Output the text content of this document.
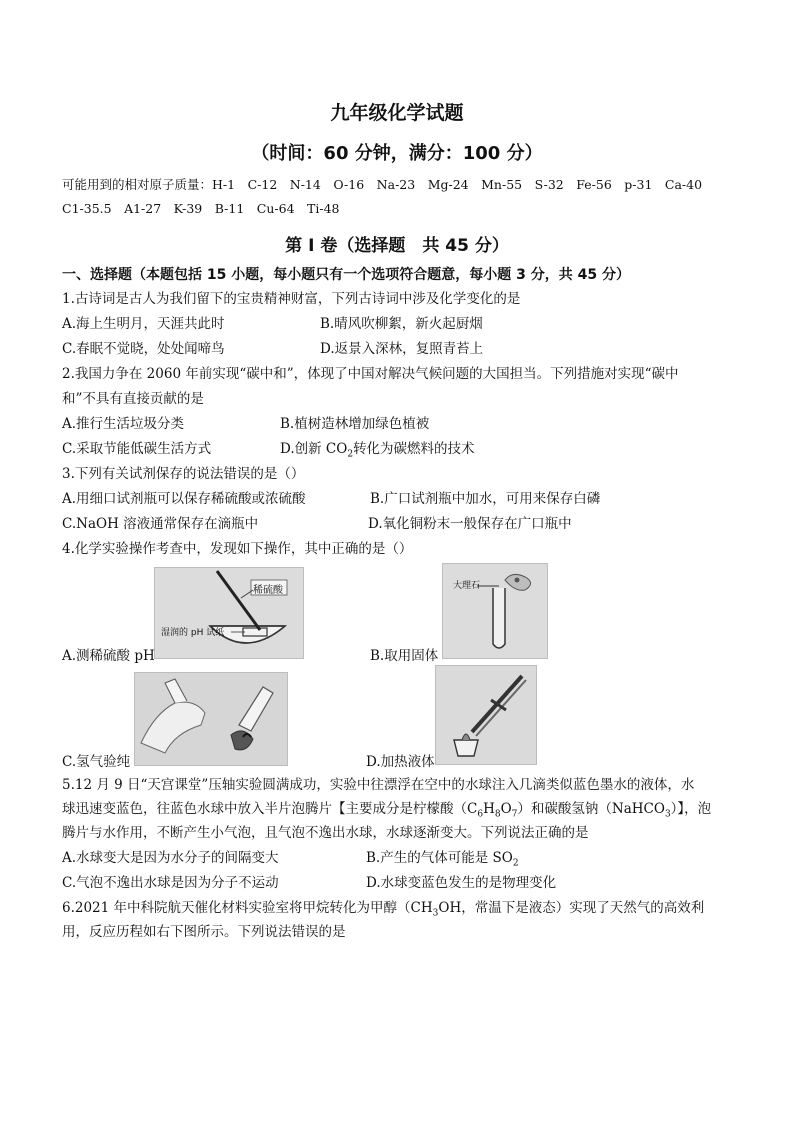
九年级化学试题
（时间：60 分钟，满分：100 分）
可能用到的相对原子质量：H-1　C-12　N-14　O-16　Na-23　Mg-24　Mn-55　S-32　Fe-56　p-31　Ca-40
C1-35.5　A1-27　K-39　B-11　Cu-64　Ti-48
第 I 卷（选择题　共 45 分）
一、选择题（本题包括 15 小题，每小题只有一个选项符合题意，每小题 3 分，共 45 分）
1.古诗词是古人为我们留下的宝贵精神财富，下列古诗词中涉及化学变化的是
A.海上生明月，天涯共此时	B.晴风吹柳絮，新火起厨烟
C.春眠不觉晓，处处闻啼鸟	D.返景入深林，复照青苔上
2.我国力争在 2060 年前实现“碳中和”，体现了中国对解决气候问题的大国担当。下列措施对实现“碳中
和”不具有直接贡献的是
A.推行生活垃圾分类	B.植树造林增加绿色植被
C.采取节能低碳生活方式	D.创新 $CO_2$转化为碳燃料的技术
3.下列有关试剂保存的说法错误的是（）
A.用细口试剂瓶可以保存稀硫酸或浓硫酸	B.广口试剂瓶中加水，可用来保存白磷
C.NaOH 溶液通常保存在滴瓶中	D.氧化铜粉末一般保存在广口瓶中
4.化学实验操作考查中，发现如下操作，其中正确的是（）
稀硫酸
湿润的 pH 试纸
A.测稀硫酸 pH
大理石
B.取用固体
C.氢气验纯	D.加热液体
5.12 月 9 日“天宫课堂”压轴实验圆满成功，实验中往漂浮在空中的水球注入几滴类似蓝色墨水的液体，水
球迅速变蓝色，往蓝色水球中放入半片泡腾片【主要成分是柠檬酸$(C_6H_8O_7)$和碳酸氢钠（NaHCO$_3$）】，泡
腾片与水作用，不断产生小气泡，且气泡不逸出水球，水球逐渐变大。下列说法正确的是
A.水球变大是因为水分子的间隔变大	B.产生的气体可能是 $SO_2$
C.气泡不逸出水球是因为分子不运动	D.水球变蓝色发生的是物理变化
6.2021 年中科院航天催化材料实验室将甲烷转化为甲醇（$CH_3OH$，常温下是液态）实现了天然气的高效利
用，反应历程如右下图所示。下列说法错误的是
